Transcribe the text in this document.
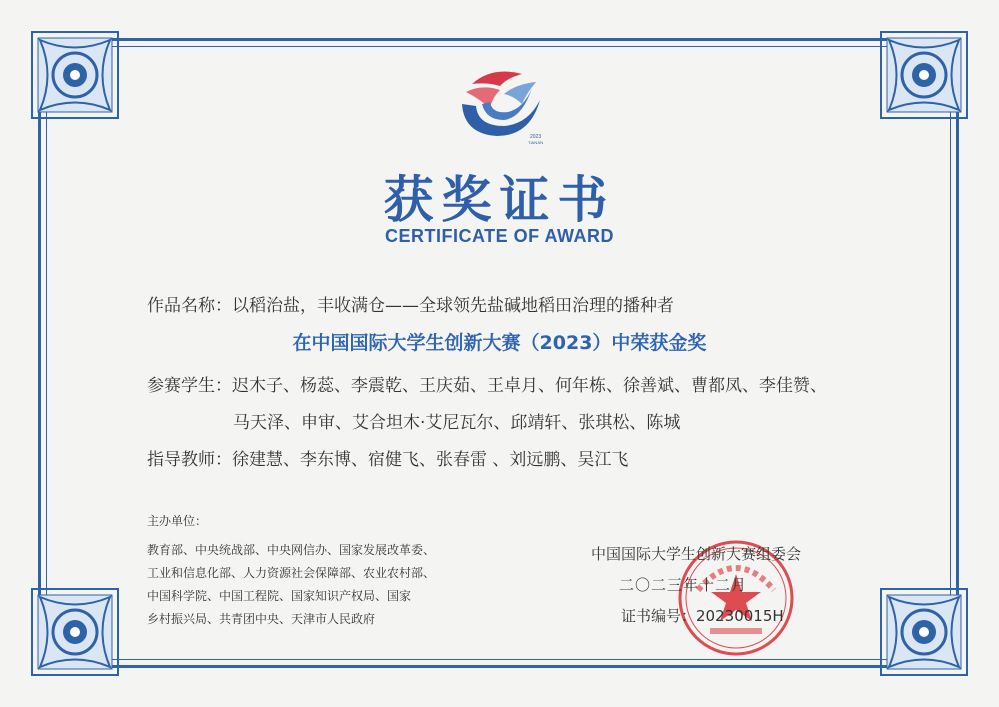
2023
TIANJIN
获奖证书
CERTIFICATE OF AWARD
作品名称：以稻治盐，丰收满仓——全球领先盐碱地稻田治理的播种者
在中国国际大学生创新大赛（2023）中荣获金奖
参赛学生：迟木子、杨蕊、李震乾、王庆茹、王卓月、何年栋、徐善斌、曹都凤、李佳赞、
马天泽、申审、艾合坦木·艾尼瓦尔、邱靖轩、张琪松、陈城
指导教师：徐建慧、李东博、宿健飞、张春雷 、刘远鹏、吴江飞
主办单位：
教育部、中央统战部、中央网信办、国家发展改革委、
工业和信息化部、人力资源社会保障部、农业农村部、
中国科学院、中国工程院、国家知识产权局、国家
乡村振兴局、共青团中央、天津市人民政府
中国国际大学生创新大赛组委会
二〇二三年十二月
证书编号：20230015H
